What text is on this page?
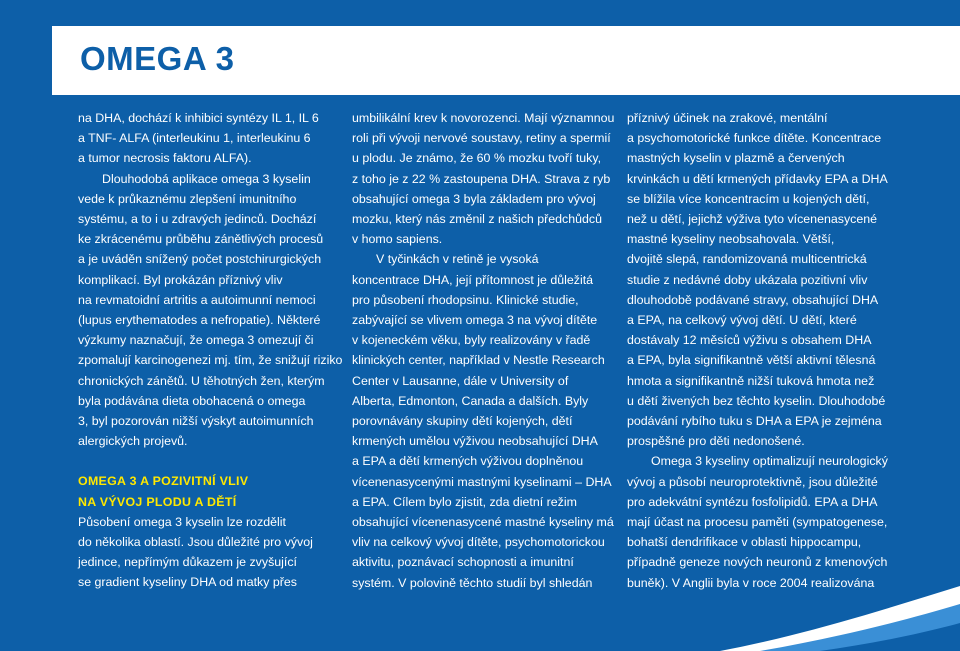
OMEGA 3

na DHA, dochází k inhibici syntézy IL 1, IL 6

a TNF- ALFA (interleukinu 1, interleukinu 6

a tumor necrosis faktoru ALFA).

Dlouhodobá aplikace omega 3 kyselin

vede k průkaznému zlepšení imunitního

systému, a to i u zdravých jedinců. Dochází

ke zkrácenému průběhu zánětlivých procesů

a je uváděn snížený počet postchirurgických

komplikací. Byl prokázán příznivý vliv

na revmatoidní artritis a autoimunní nemoci

(lupus erythematodes a nefropatie). Některé

výzkumy naznačují, že omega 3 omezují či

zpomalují karcinogenezi mj. tím, že snižují riziko

chronických zánětů. U těhotných žen, kterým

byla podávána dieta obohacená o omega

3, byl pozorován nižší výskyt autoimunních

alergických projevů.

OMEGA 3 A POZIVITNÍ VLIV

NA VÝVOJ PLODU A DĚTÍ

Působení omega 3 kyselin lze rozdělit

do několika oblastí. Jsou důležité pro vývoj

jedince, nepřímým důkazem je zvyšující

se gradient kyseliny DHA od matky přes

umbilikální krev k novorozenci. Mají významnou

roli při vývoji nervové soustavy, retiny a spermií

u plodu. Je známo, že 60 % mozku tvoří tuky,

z toho je z 22 % zastoupena DHA. Strava z ryb

obsahující omega 3 byla základem pro vývoj

mozku, který nás změnil z našich předchůdců

v homo sapiens.

V tyčinkách v retině je vysoká

koncentrace DHA, její přítomnost je důležitá

pro působení rhodopsinu. Klinické studie,

zabývající se vlivem omega 3 na vývoj dítěte

v kojeneckém věku, byly realizovány v řadě

klinických center, například v Nestle Research

Center v Lausanne, dále v University of

Alberta, Edmonton, Canada a dalších. Byly

porovnávány skupiny dětí kojených, dětí

krmených umělou výživou neobsahující DHA

a EPA a dětí krmených výživou doplněnou

vícenenasycenými mastnými kyselinami – DHA

a EPA. Cílem bylo zjistit, zda dietní režim

obsahující vícenenasycené mastné kyseliny má

vliv na celkový vývoj dítěte, psychomotorickou

aktivitu, poznávací schopnosti a imunitní

systém. V polovině těchto studií byl shledán

příznivý účinek na zrakové, mentální

a psychomotorické funkce dítěte. Koncentrace

mastných kyselin v plazmě a červených

krvinkách u dětí krmených přídavky EPA a DHA

se blížila více koncentracím u kojených dětí,

než u dětí, jejichž výživa tyto vícenenasycené

mastné kyseliny neobsahovala. Větší,

dvojitě slepá, randomizovaná multicentrická

studie z nedávné doby ukázala pozitivní vliv

dlouhodobě podávané stravy, obsahující DHA

a EPA, na celkový vývoj dětí. U dětí, které

dostávaly 12 měsíců výživu s obsahem DHA

a EPA, byla signifikantně větší aktivní tělesná

hmota a signifikantně nižší tuková hmota než

u dětí živených bez těchto kyselin. Dlouhodobé

podávání rybího tuku s DHA a EPA je zejména

prospěšné pro děti nedonošené.

Omega 3 kyseliny optimalizují neurologický

vývoj a působí neuroprotektivně, jsou důležité

pro adekvátní syntézu fosfolipidů. EPA a DHA

mají účast na procesu paměti (sympatogenese,

bohatší dendrifikace v oblasti hippocampu,

případně geneze nových neuronů z kmenových

buněk). V Anglii byla v roce 2004 realizována
